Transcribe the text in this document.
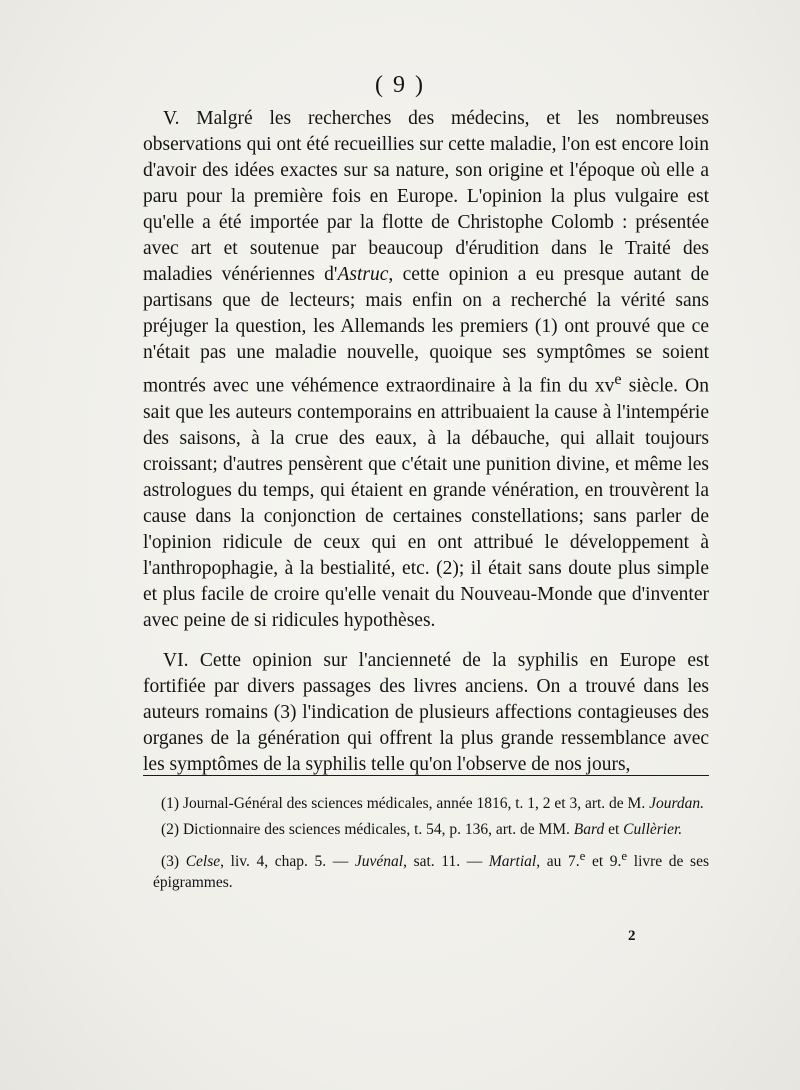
( 9 )

V. Malgré les recherches des médecins, et les nombreuses observations qui ont été recueillies sur cette maladie, l'on est encore loin d'avoir des idées exactes sur sa nature, son origine et l'époque où elle a paru pour la première fois en Europe. L'opinion la plus vulgaire est qu'elle a été importée par la flotte de Christophe Colomb : présentée avec art et soutenue par beaucoup d'érudition dans le Traité des maladies vénériennes d'Astruc, cette opinion a eu presque autant de partisans que de lecteurs; mais enfin on a recherché la vérité sans préjuger la question, les Allemands les premiers (1) ont prouvé que ce n'était pas une maladie nouvelle, quoique ses symptômes se soient montrés avec une véhémence extraordinaire à la fin du $xv^e$ siècle. On sait que les auteurs contemporains en attribuaient la cause à l'intempérie des saisons, à la crue des eaux, à la débauche, qui allait toujours croissant; d'autres pensèrent que c'était une punition divine, et même les astrologues du temps, qui étaient en grande vénération, en trouvèrent la cause dans la conjonction de certaines constellations; sans parler de l'opinion ridicule de ceux qui en ont attribué le développement à l'anthropophagie, à la bestialité, etc. (2); il était sans doute plus simple et plus facile de croire qu'elle venait du Nouveau-Monde que d'inventer avec peine de si ridicules hypothèses.

VI. Cette opinion sur l'ancienneté de la syphilis en Europe est fortifiée par divers passages des livres anciens. On a trouvé dans les auteurs romains (3) l'indication de plusieurs affections contagieuses des organes de la génération qui offrent la plus grande ressemblance avec les symptômes de la syphilis telle qu'on l'observe de nos jours,

(1) Journal-Général des sciences médicales, année 1816, t. 1, 2 et 3, art. de M. Jourdan.

(2) Dictionnaire des sciences médicales, t. 54, p. 136, art. de MM. Bard et Cullèrier.

(3) Celse, liv. 4, chap. 5. — Juvénal, sat. 11. — Martial, au 7.$^e$ et 9.$^e$ livre de ses épigrammes.

2
